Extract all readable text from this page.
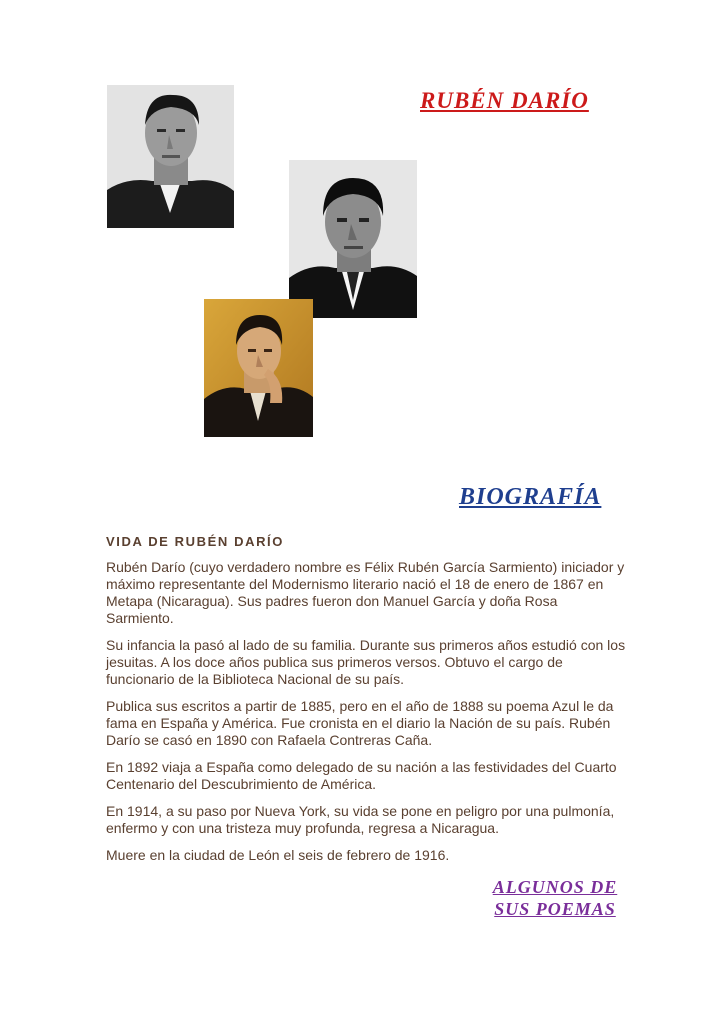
RUBÉN DARÍO
BIOGRAFÍA
VIDA DE RUBÉN DARÍO

Rubén Darío (cuyo verdadero nombre es Félix Rubén García Sarmiento) iniciador y máximo representante del Modernismo literario nació el 18 de enero de 1867 en Metapa (Nicaragua). Sus padres fueron don Manuel García y doña Rosa Sarmiento.

Su infancia la pasó al lado de su familia. Durante sus primeros años estudió con los jesuitas. A los doce años publica sus primeros versos. Obtuvo el cargo de funcionario de la Biblioteca Nacional de su país.

Publica sus escritos a partir de 1885, pero en el año de 1888 su poema Azul le da fama en España y América. Fue cronista en el diario la Nación de su país. Rubén Darío se casó en 1890 con Rafaela Contreras Caña.

En 1892 viaja a España como delegado de su nación a las festividades del Cuarto Centenario del Descubrimiento de América.

En 1914, a su paso por Nueva York, su vida se pone en peligro por una pulmonía, enfermo y con una tristeza muy profunda, regresa a Nicaragua.

Muere en la ciudad de León el seis de febrero de 1916.

ALGUNOS DE
SUS POEMAS
